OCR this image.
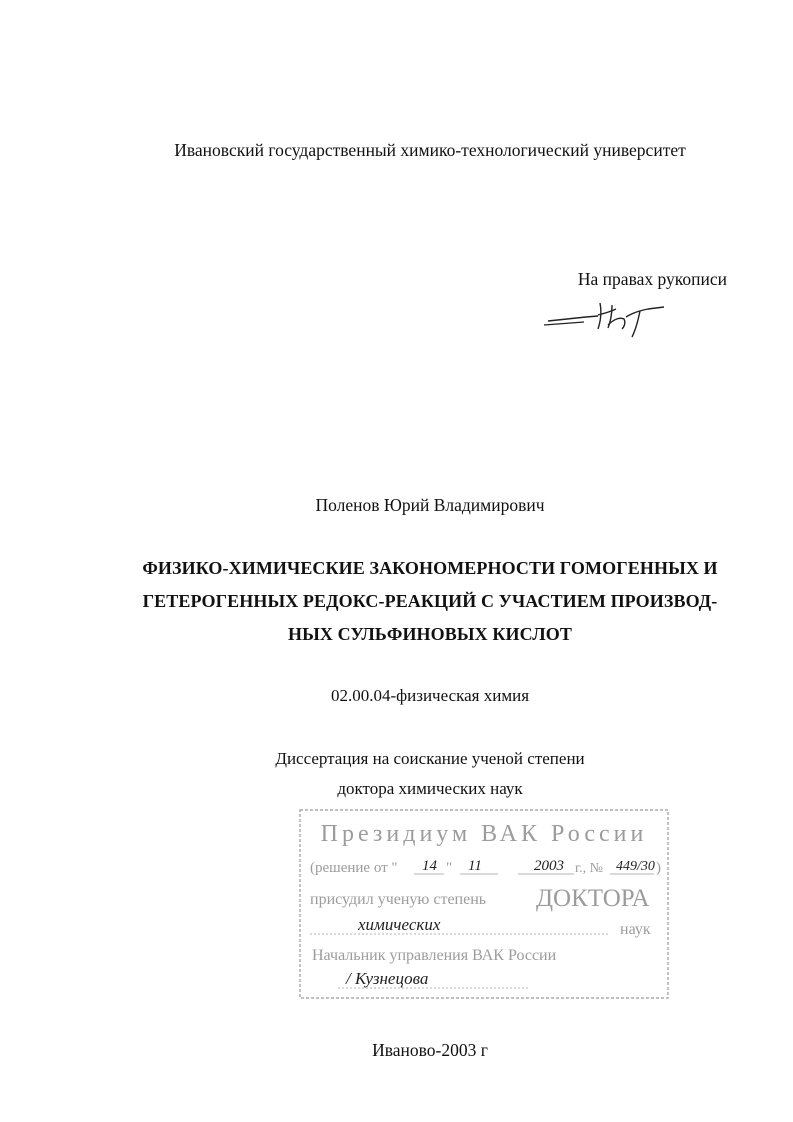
Ивановский государственный химико-технологический университет
На правах рукописи
Поленов Юрий Владимирович
ФИЗИКО-ХИМИЧЕСКИЕ ЗАКОНОМЕРНОСТИ ГОМОГЕННЫХ И
ГЕТЕРОГЕННЫХ РЕДОКС-РЕАКЦИЙ С УЧАСТИЕМ ПРОИЗВОД-
НЫХ СУЛЬФИНОВЫХ КИСЛОТ
02.00.04-физическая химия
Диссертация на соискание ученой степени
доктора химических наук
Президиум ВАК России
(решение от " 14 " 11	2003 г., № 449/30 )
присудил ученую степень ДОКТОРА
химических	наук
Начальник управления ВАК России
/ Кузнецова
Иваново-2003 г
